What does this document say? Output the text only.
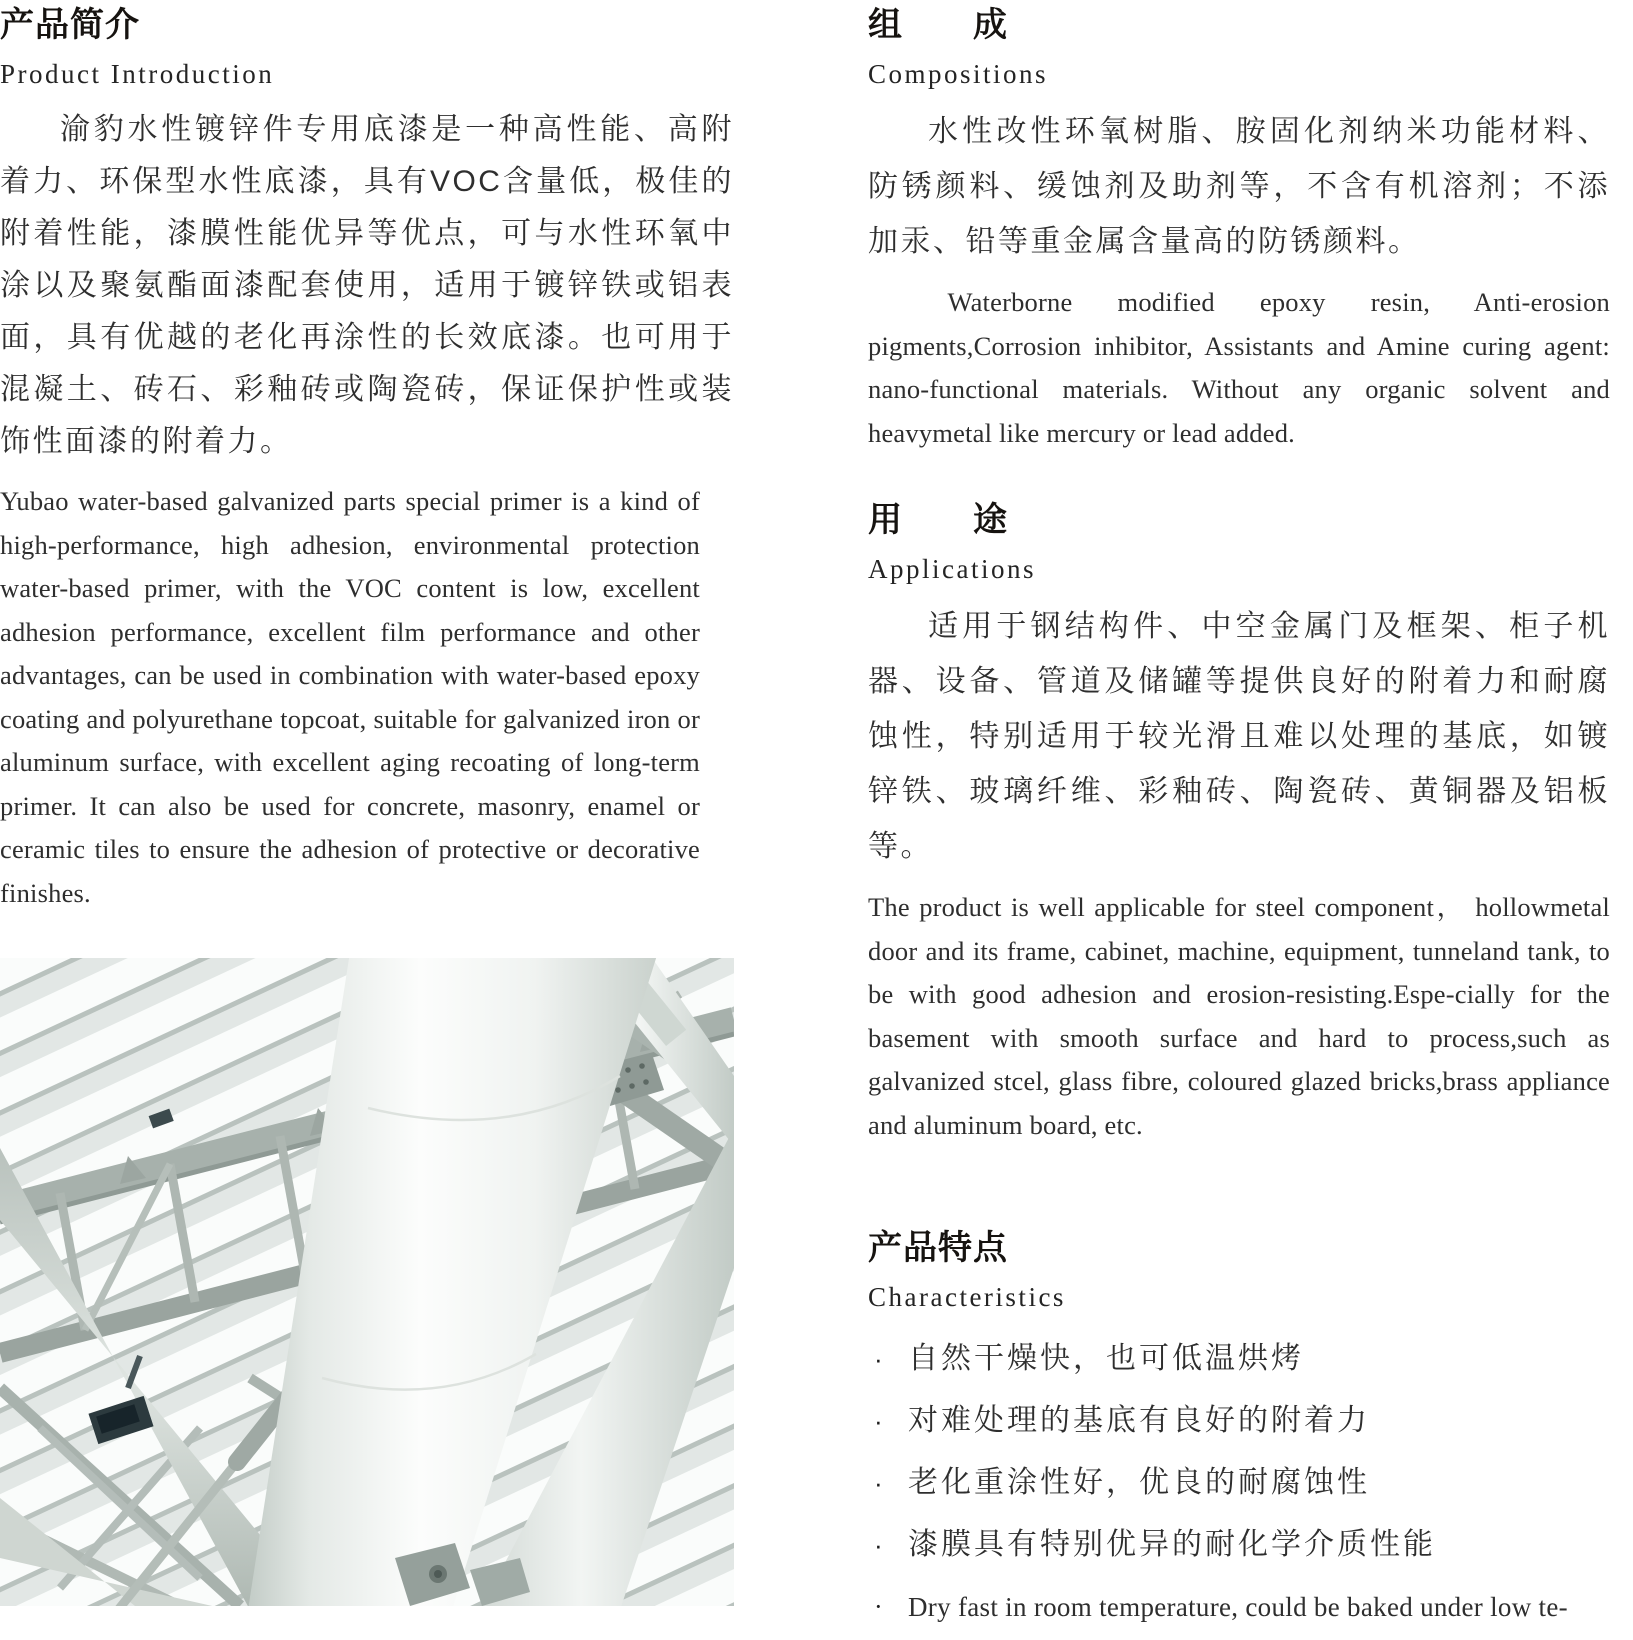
产品简介
Product Introduction

渝豹水性镀锌件专用底漆是一种高性能、高附着力、环保型水性底漆，具有VOC含量低，极佳的附着性能，漆膜性能优异等优点，可与水性环氧中涂以及聚氨酯面漆配套使用，适用于镀锌铁或铝表面，具有优越的老化再涂性的长效底漆。也可用于混凝土、砖石、彩釉砖或陶瓷砖，保证保护性或装饰性面漆的附着力。

Yubao water-based galvanized parts special primer is a kind of high-performance, high adhesion, environmental protection water-based primer, with the VOC content is low, excellent adhesion performance, excellent film performance and other advantages, can be used in combination with water-based epoxy coating and polyurethane topcoat, suitable for galvanized iron or aluminum surface, with excellent aging recoating of long-term primer. It can also be used for concrete, masonry, enamel or ceramic tiles to ensure the adhesion of protective or decorative finishes.

组　　成
Compositions

水性改性环氧树脂、胺固化剂纳米功能材料、防锈颜料、缓蚀剂及助剂等，不含有机溶剂；不添加汞、铅等重金属含量高的防锈颜料。

Waterborne modified epoxy resin, Anti-erosion pigments,Corrosion inhibitor, Assistants and Amine curing agent: nano-functional materials. Without any organic solvent and heavymetal like mercury or lead added.

用　　途
Applications

适用于钢结构件、中空金属门及框架、柜子机器、设备、管道及储罐等提供良好的附着力和耐腐蚀性，特别适用于较光滑且难以处理的基底，如镀锌铁、玻璃纤维、彩釉砖、陶瓷砖、黄铜器及铝板等。

The product is well applicable for steel component， hollowmetal door and its frame, cabinet, machine, equipment, tunneland tank, to be with good adhesion and erosion-resisting.Espe-cially for the basement with smooth surface and hard to process,such as galvanized stcel, glass fibre, coloured glazed bricks,brass appliance and aluminum board, etc.

产品特点
Characteristics
· 自然干燥快，也可低温烘烤
· 对难处理的基底有良好的附着力
· 老化重涂性好，优良的耐腐蚀性
· 漆膜具有特别优异的耐化学介质性能
· Dry fast in room temperature, could be baked under low te-
